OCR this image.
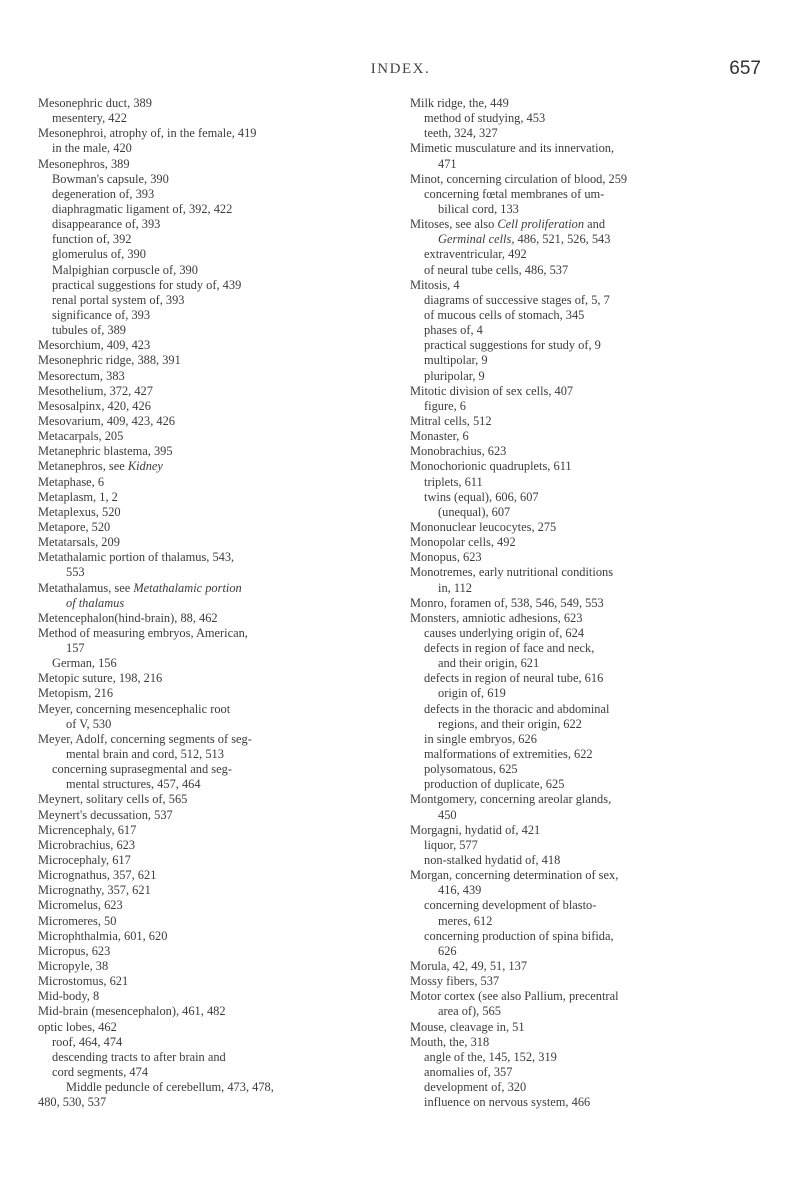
INDEX.	657
Mesonephric duct, 389
mesentery, 422
Mesonephroi, atrophy of, in the female, 419
in the male, 420
Mesonephros, 389
Bowman's capsule, 390
degeneration of, 393
diaphragmatic ligament of, 392, 422
disappearance of, 393
function of, 392
glomerulus of, 390
Malpighian corpuscle of, 390
practical suggestions for study of, 439
renal portal system of, 393
significance of, 393
tubules of, 389
Mesorchium, 409, 423
Mesonephric ridge, 388, 391
Mesorectum, 383
Mesothelium, 372, 427
Mesosalpinx, 420, 426
Mesovarium, 409, 423, 426
Metacarpals, 205
Metanephric blastema, 395
Metanephros, see Kidney
Metaphase, 6
Metaplasm, 1, 2
Metaplexus, 520
Metapore, 520
Metatarsals, 209
Metathalamic portion of thalamus, 543,
553
Metathalamus, see Metathalamic portion
of thalamus
Metencephalon(hind-brain), 88, 462
Method of measuring embryos, American,
157
German, 156
Metopic suture, 198, 216
Metopism, 216
Meyer, concerning mesencephalic root
of V, 530
Meyer, Adolf, concerning segments of seg-
mental brain and cord, 512, 513
concerning suprasegmental and seg-
mental structures, 457, 464
Meynert, solitary cells of, 565
Meynert's decussation, 537
Micrencephaly, 617
Microbrachius, 623
Microcephaly, 617
Micrognathus, 357, 621
Micrognathy, 357, 621
Micromelus, 623
Micromeres, 50
Microphthalmia, 601, 620
Micropus, 623
Micropyle, 38
Microstomus, 621
Mid-body, 8
Mid-brain (mesencephalon), 461, 482
optic lobes, 462
roof, 464, 474
descending tracts to after brain and
cord segments, 474
Middle peduncle of cerebellum, 473, 478,
480, 530, 537
Milk ridge, the, 449
method of studying, 453
teeth, 324, 327
Mimetic musculature and its innervation,
471
Minot, concerning circulation of blood, 259
concerning fœtal membranes of um-
bilical cord, 133
Mitoses, see also Cell proliferation and
Germinal cells, 486, 521, 526, 543
extraventricular, 492
of neural tube cells, 486, 537
Mitosis, 4
diagrams of successive stages of, 5, 7
of mucous cells of stomach, 345
phases of, 4
practical suggestions for study of, 9
multipolar, 9
pluripolar, 9
Mitotic division of sex cells, 407
figure, 6
Mitral cells, 512
Monaster, 6
Monobrachius, 623
Monochorionic quadruplets, 611
triplets, 611
twins (equal), 606, 607
(unequal), 607
Mononuclear leucocytes, 275
Monopolar cells, 492
Monopus, 623
Monotremes, early nutritional conditions
in, 112
Monro, foramen of, 538, 546, 549, 553
Monsters, amniotic adhesions, 623
causes underlying origin of, 624
defects in region of face and neck,
and their origin, 621
defects in region of neural tube, 616
origin of, 619
defects in the thoracic and abdominal
regions, and their origin, 622
in single embryos, 626
malformations of extremities, 622
polysomatous, 625
production of duplicate, 625
Montgomery, concerning areolar glands,
450
Morgagni, hydatid of, 421
liquor, 577
non-stalked hydatid of, 418
Morgan, concerning determination of sex,
416, 439
concerning development of blasto-
meres, 612
concerning production of spina bifida,
626
Morula, 42, 49, 51, 137
Mossy fibers, 537
Motor cortex (see also Pallium, precentral
area of), 565
Mouse, cleavage in, 51
Mouth, the, 318
angle of the, 145, 152, 319
anomalies of, 357
development of, 320
influence on nervous system, 466
